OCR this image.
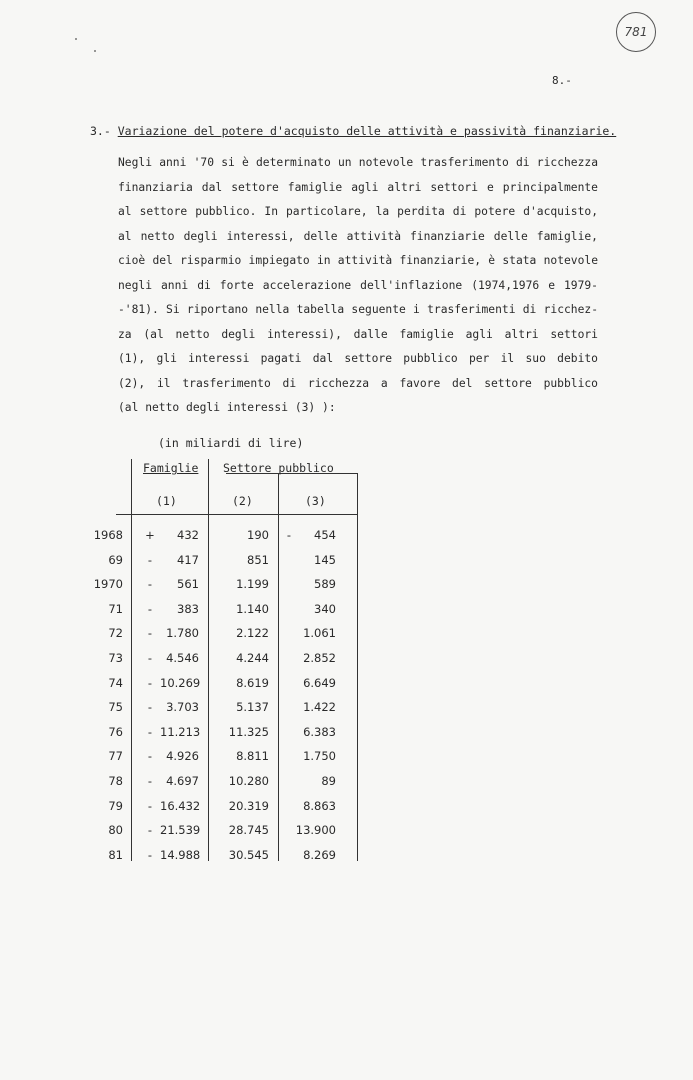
781
8.-
3.- Variazione del potere d'acquisto delle attività e passività finanziarie.
Negli anni '70 si è determinato un notevole trasferimento di ricchezza
finanziaria dal settore famiglie agli altri settori e principalmente
al settore pubblico. In particolare, la perdita di potere d'acquisto,
al netto degli interessi, delle attività finanziarie delle famiglie,
cioè del risparmio impiegato in attività finanziarie, è stata notevole
negli anni di forte accelerazione dell'inflazione (1974,1976 e 1979-
-'81). Si riportano nella tabella seguente i trasferimenti di ricchez-
za (al netto degli interessi), dalle famiglie agli altri settori
(1), gli interessi pagati dal settore pubblico per il suo debito
(2), il trasferimento di ricchezza a favore del settore pubblico
(al netto degli interessi (3) ):
(in miliardi di lire)
Famiglie Settore pubblico
(1)	(2)	(3)
1968 +	432	190	-	454
69	-	417	851	145
1970	-	561	1.199	589
71	-	383	1.140	340
72	-	1.780	2.122	1.061
73	-	4.546	4.244	2.852
74	- 10.269	8.619	6.649
75	-	3.703	5.137	1.422
76	- 11.213	11.325	6.383
77	-	4.926	8.811	1.750
78	-	4.697	10.280	89
79	- 16.432	20.319	8.863
80	- 21.539	28.745	13.900
81	- 14.988	30.545	8.269
